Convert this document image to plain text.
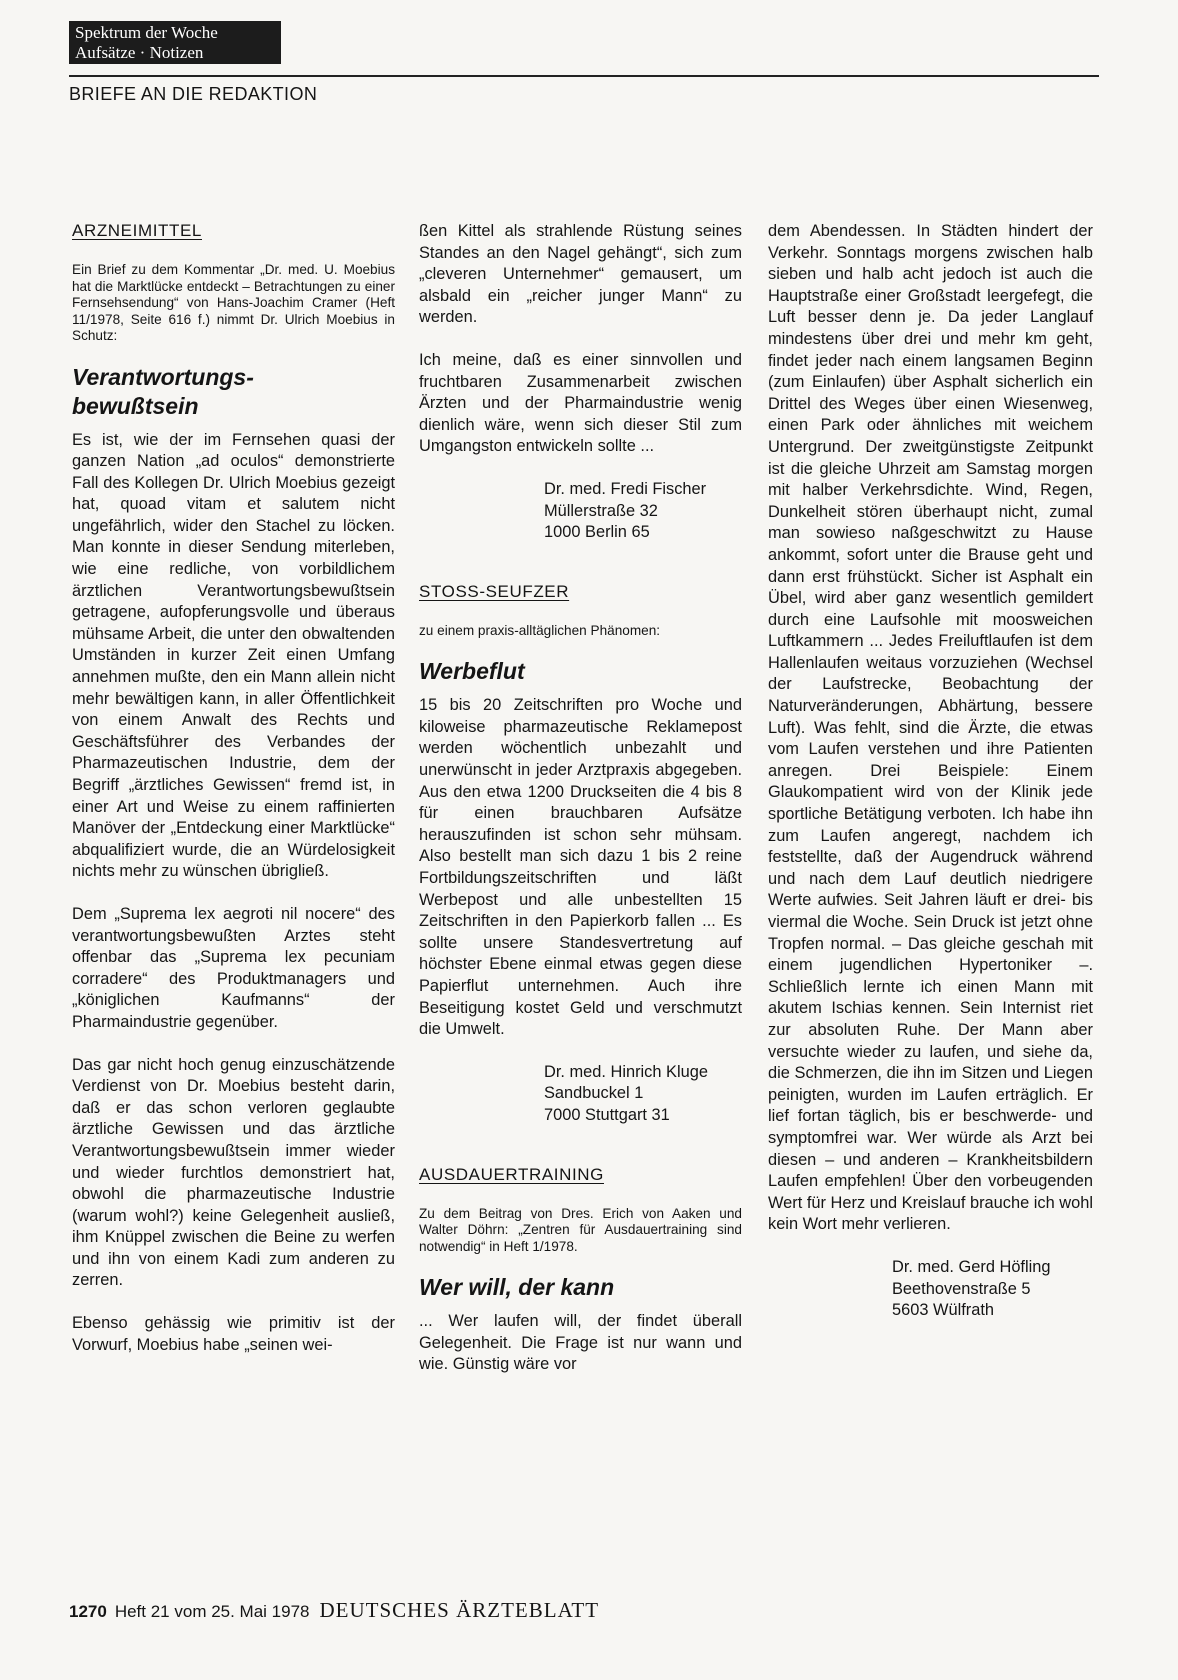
Spektrum der Woche
Aufsätze · Notizen
BRIEFE AN DIE REDAKTION
ARZNEIMITTEL

Ein Brief zu dem Kommentar „Dr. med. U. Moebius hat die Marktlücke entdeckt – Betrachtungen zu einer Fernsehsendung“ von Hans-Joachim Cramer (Heft 11/1978, Seite 616 f.) nimmt Dr. Ulrich Moebius in Schutz:

Verantwortungs-
bewußtsein

Es ist, wie der im Fernsehen quasi der ganzen Nation „ad oculos“ demonstrierte Fall des Kollegen Dr. Ulrich Moebius gezeigt hat, quoad vitam et salutem nicht ungefährlich, wider den Stachel zu löcken. Man konnte in dieser Sendung miterleben, wie eine redliche, von vorbildlichem ärztlichen Verantwortungsbewußtsein getragene, aufopferungsvolle und überaus mühsame Arbeit, die unter den obwaltenden Umständen in kurzer Zeit einen Umfang annehmen mußte, den ein Mann allein nicht mehr bewältigen kann, in aller Öffentlichkeit von einem Anwalt des Rechts und Geschäftsführer des Verbandes der Pharmazeutischen Industrie, dem der Begriff „ärztliches Gewissen“ fremd ist, in einer Art und Weise zu einem raffinierten Manöver der „Entdeckung einer Marktlücke“ abqualifiziert wurde, die an Würdelosigkeit nichts mehr zu wünschen übrigließ.

Dem „Suprema lex aegroti nil nocere“ des verantwortungsbewußten Arztes steht offenbar das „Suprema lex pecuniam corradere“ des Produktmanagers und „königlichen Kaufmanns“ der Pharmaindustrie gegenüber.

Das gar nicht hoch genug einzuschätzende Verdienst von Dr. Moebius besteht darin, daß er das schon verloren geglaubte ärztliche Gewissen und das ärztliche Verantwortungsbewußtsein immer wieder und wieder furchtlos demonstriert hat, obwohl die pharmazeutische Industrie (warum wohl?) keine Gelegenheit ausließ, ihm Knüppel zwischen die Beine zu werfen und ihn von einem Kadi zum anderen zu zerren.

Ebenso gehässig wie primitiv ist der Vorwurf, Moebius habe „seinen wei-

ßen Kittel als strahlende Rüstung seines Standes an den Nagel gehängt“, sich zum „cleveren Unternehmer“ gemausert, um alsbald ein „reicher junger Mann“ zu werden.

Ich meine, daß es einer sinnvollen und fruchtbaren Zusammenarbeit zwischen Ärzten und der Pharmaindustrie wenig dienlich wäre, wenn sich dieser Stil zum Umgangston entwickeln sollte ...

Dr. med. Fredi Fischer
Müllerstraße 32
1000 Berlin 65
STOSS-SEUFZER

zu einem praxis-alltäglichen Phänomen:

Werbeflut

15 bis 20 Zeitschriften pro Woche und kiloweise pharmazeutische Reklamepost werden wöchentlich unbezahlt und unerwünscht in jeder Arztpraxis abgegeben. Aus den etwa 1200 Druckseiten die 4 bis 8 für einen brauchbaren Aufsätze herauszufinden ist schon sehr mühsam. Also bestellt man sich dazu 1 bis 2 reine Fortbildungszeitschriften und läßt Werbepost und alle unbestellten 15 Zeitschriften in den Papierkorb fallen ... Es sollte unsere Standesvertretung auf höchster Ebene einmal etwas gegen diese Papierflut unternehmen. Auch ihre Beseitigung kostet Geld und verschmutzt die Umwelt.

Dr. med. Hinrich Kluge
Sandbuckel 1
7000 Stuttgart 31
AUSDAUERTRAINING

Zu dem Beitrag von Dres. Erich von Aaken und Walter Döhrn: „Zentren für Ausdauertraining sind notwendig“ in Heft 1/1978.

Wer will, der kann

... Wer laufen will, der findet überall Gelegenheit. Die Frage ist nur wann und wie. Günstig wäre vor

dem Abendessen. In Städten hindert der Verkehr. Sonntags morgens zwischen halb sieben und halb acht jedoch ist auch die Hauptstraße einer Großstadt leergefegt, die Luft besser denn je. Da jeder Langlauf mindestens über drei und mehr km geht, findet jeder nach einem langsamen Beginn (zum Einlaufen) über Asphalt sicherlich ein Drittel des Weges über einen Wiesenweg, einen Park oder ähnliches mit weichem Untergrund. Der zweitgünstigste Zeitpunkt ist die gleiche Uhrzeit am Samstag morgen mit halber Verkehrsdichte. Wind, Regen, Dunkelheit stören überhaupt nicht, zumal man sowieso naßgeschwitzt zu Hause ankommt, sofort unter die Brause geht und dann erst frühstückt. Sicher ist Asphalt ein Übel, wird aber ganz wesentlich gemildert durch eine Laufsohle mit moosweichen Luftkammern ... Jedes Freiluftlaufen ist dem Hallenlaufen weitaus vorzuziehen (Wechsel der Laufstrecke, Beobachtung der Naturveränderungen, Abhärtung, bessere Luft). Was fehlt, sind die Ärzte, die etwas vom Laufen verstehen und ihre Patienten anregen. Drei Beispiele: Einem Glaukompatient wird von der Klinik jede sportliche Betätigung verboten. Ich habe ihn zum Laufen angeregt, nachdem ich feststellte, daß der Augendruck während und nach dem Lauf deutlich niedrigere Werte aufwies. Seit Jahren läuft er drei- bis viermal die Woche. Sein Druck ist jetzt ohne Tropfen normal. – Das gleiche geschah mit einem jugendlichen Hypertoniker –. Schließlich lernte ich einen Mann mit akutem Ischias kennen. Sein Internist riet zur absoluten Ruhe. Der Mann aber versuchte wieder zu laufen, und siehe da, die Schmerzen, die ihn im Sitzen und Liegen peinigten, wurden im Laufen erträglich. Er lief fortan täglich, bis er beschwerde- und symptomfrei war. Wer würde als Arzt bei diesen – und anderen – Krankheitsbildern Laufen empfehlen! Über den vorbeugenden Wert für Herz und Kreislauf brauche ich wohl kein Wort mehr verlieren.

Dr. med. Gerd Höfling
Beethovenstraße 5
5603 Wülfrath
1270 Heft 21 vom 25. Mai 1978 DEUTSCHES ÄRZTEBLATT
